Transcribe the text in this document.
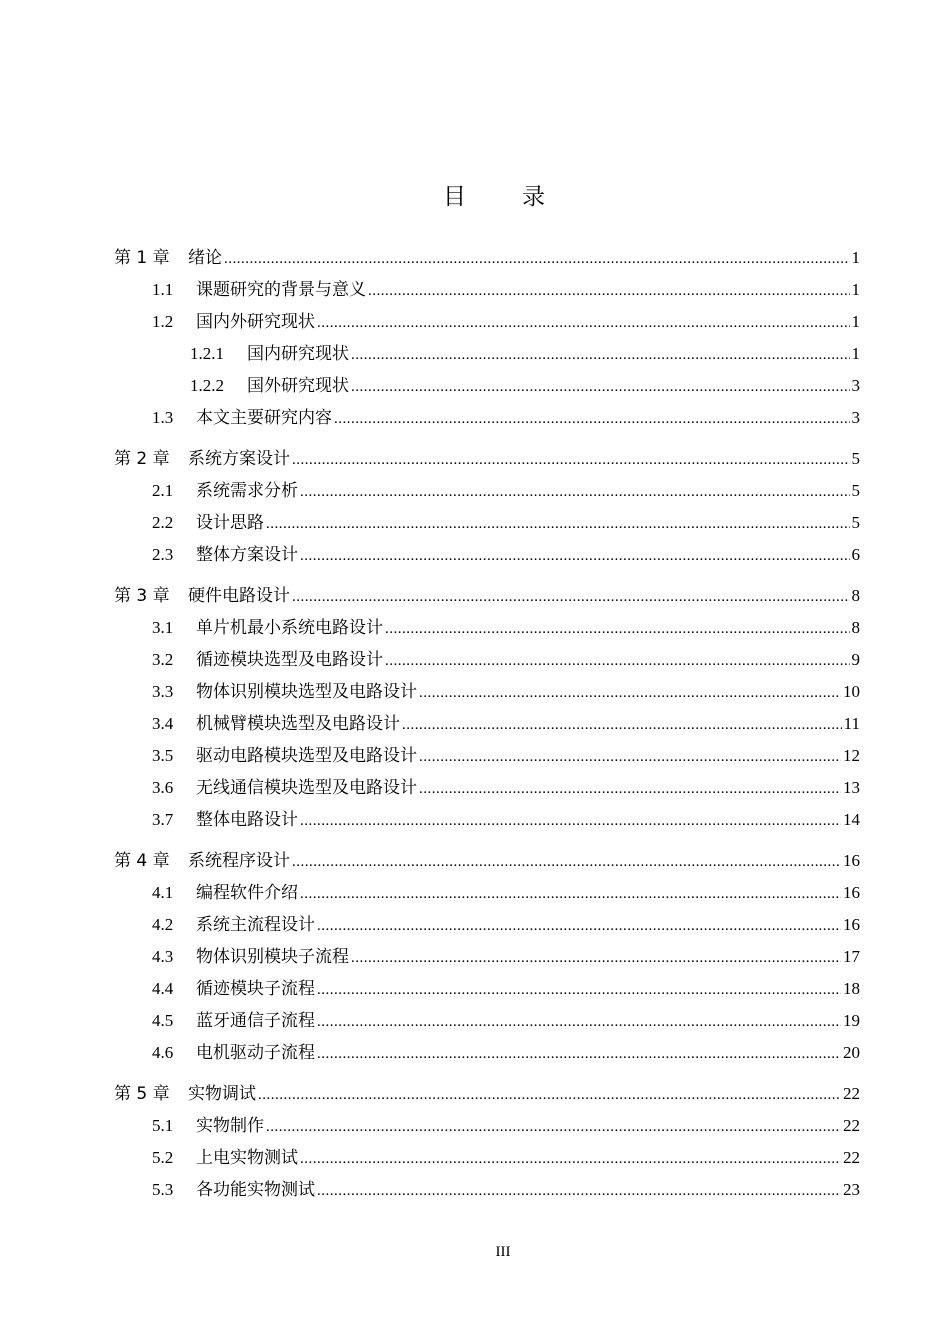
目 录
第 1 章	绪论 .....	1
1.1	课题研究的背景与意义 .....	1
1.2	国内外研究现状 .....	1
1.2.1	国内研究现状 .....	1
1.2.2	国外研究现状 .....	3
1.3	本文主要研究内容 .....	3
第 2 章	系统方案设计 .....	5
2.1	系统需求分析 .....	5
2.2	设计思路 .....	5
2.3	整体方案设计 .....	6
第 3 章	硬件电路设计 .....	8
3.1	单片机最小系统电路设计 .....	8
3.2	循迹模块选型及电路设计 .....	9
3.3	物体识别模块选型及电路设计 .....	10
3.4	机械臂模块选型及电路设计 .....	11
3.5	驱动电路模块选型及电路设计 .....	12
3.6	无线通信模块选型及电路设计 .....	13
3.7	整体电路设计 .....	14
第 4 章	系统程序设计 .....	16
4.1	编程软件介绍 .....	16
4.2	系统主流程设计 .....	16
4.3	物体识别模块子流程 .....	17
4.4	循迹模块子流程 .....	18
4.5	蓝牙通信子流程 .....	19
4.6	电机驱动子流程 .....	20
第 5 章	实物调试 .....	22
5.1	实物制作 .....	22
5.2	上电实物测试 .....	22
5.3	各功能实物测试 .....	23
III
